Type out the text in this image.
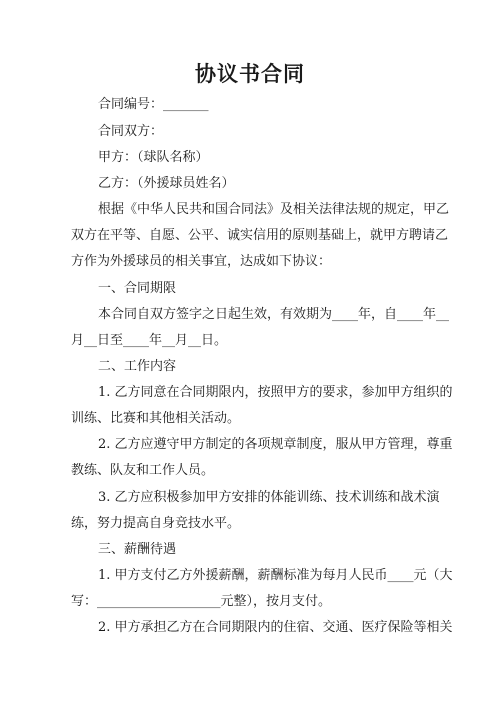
协议书合同
合同编号：_______
合同双方：
甲方：（球队名称）
乙方：（外援球员姓名）
根据《中华人民共和国合同法》及相关法律法规的规定，甲乙
双方在平等、自愿、公平、诚实信用的原则基础上，就甲方聘请乙
方作为外援球员的相关事宜，达成如下协议：
一、合同期限
本合同自双方签字之日起生效，有效期为____年，自____年__
月__日至____年__月__日。
二、工作内容
1. 乙方同意在合同期限内，按照甲方的要求，参加甲方组织的
训练、比赛和其他相关活动。
2. 乙方应遵守甲方制定的各项规章制度，服从甲方管理，尊重
教练、队友和工作人员。
3. 乙方应积极参加甲方安排的体能训练、技术训练和战术演
练，努力提高自身竞技水平。
三、薪酬待遇
1. 甲方支付乙方外援薪酬，薪酬标准为每月人民币____元（大
写：___________________元整），按月支付。
2. 甲方承担乙方在合同期限内的住宿、交通、医疗保险等相关
